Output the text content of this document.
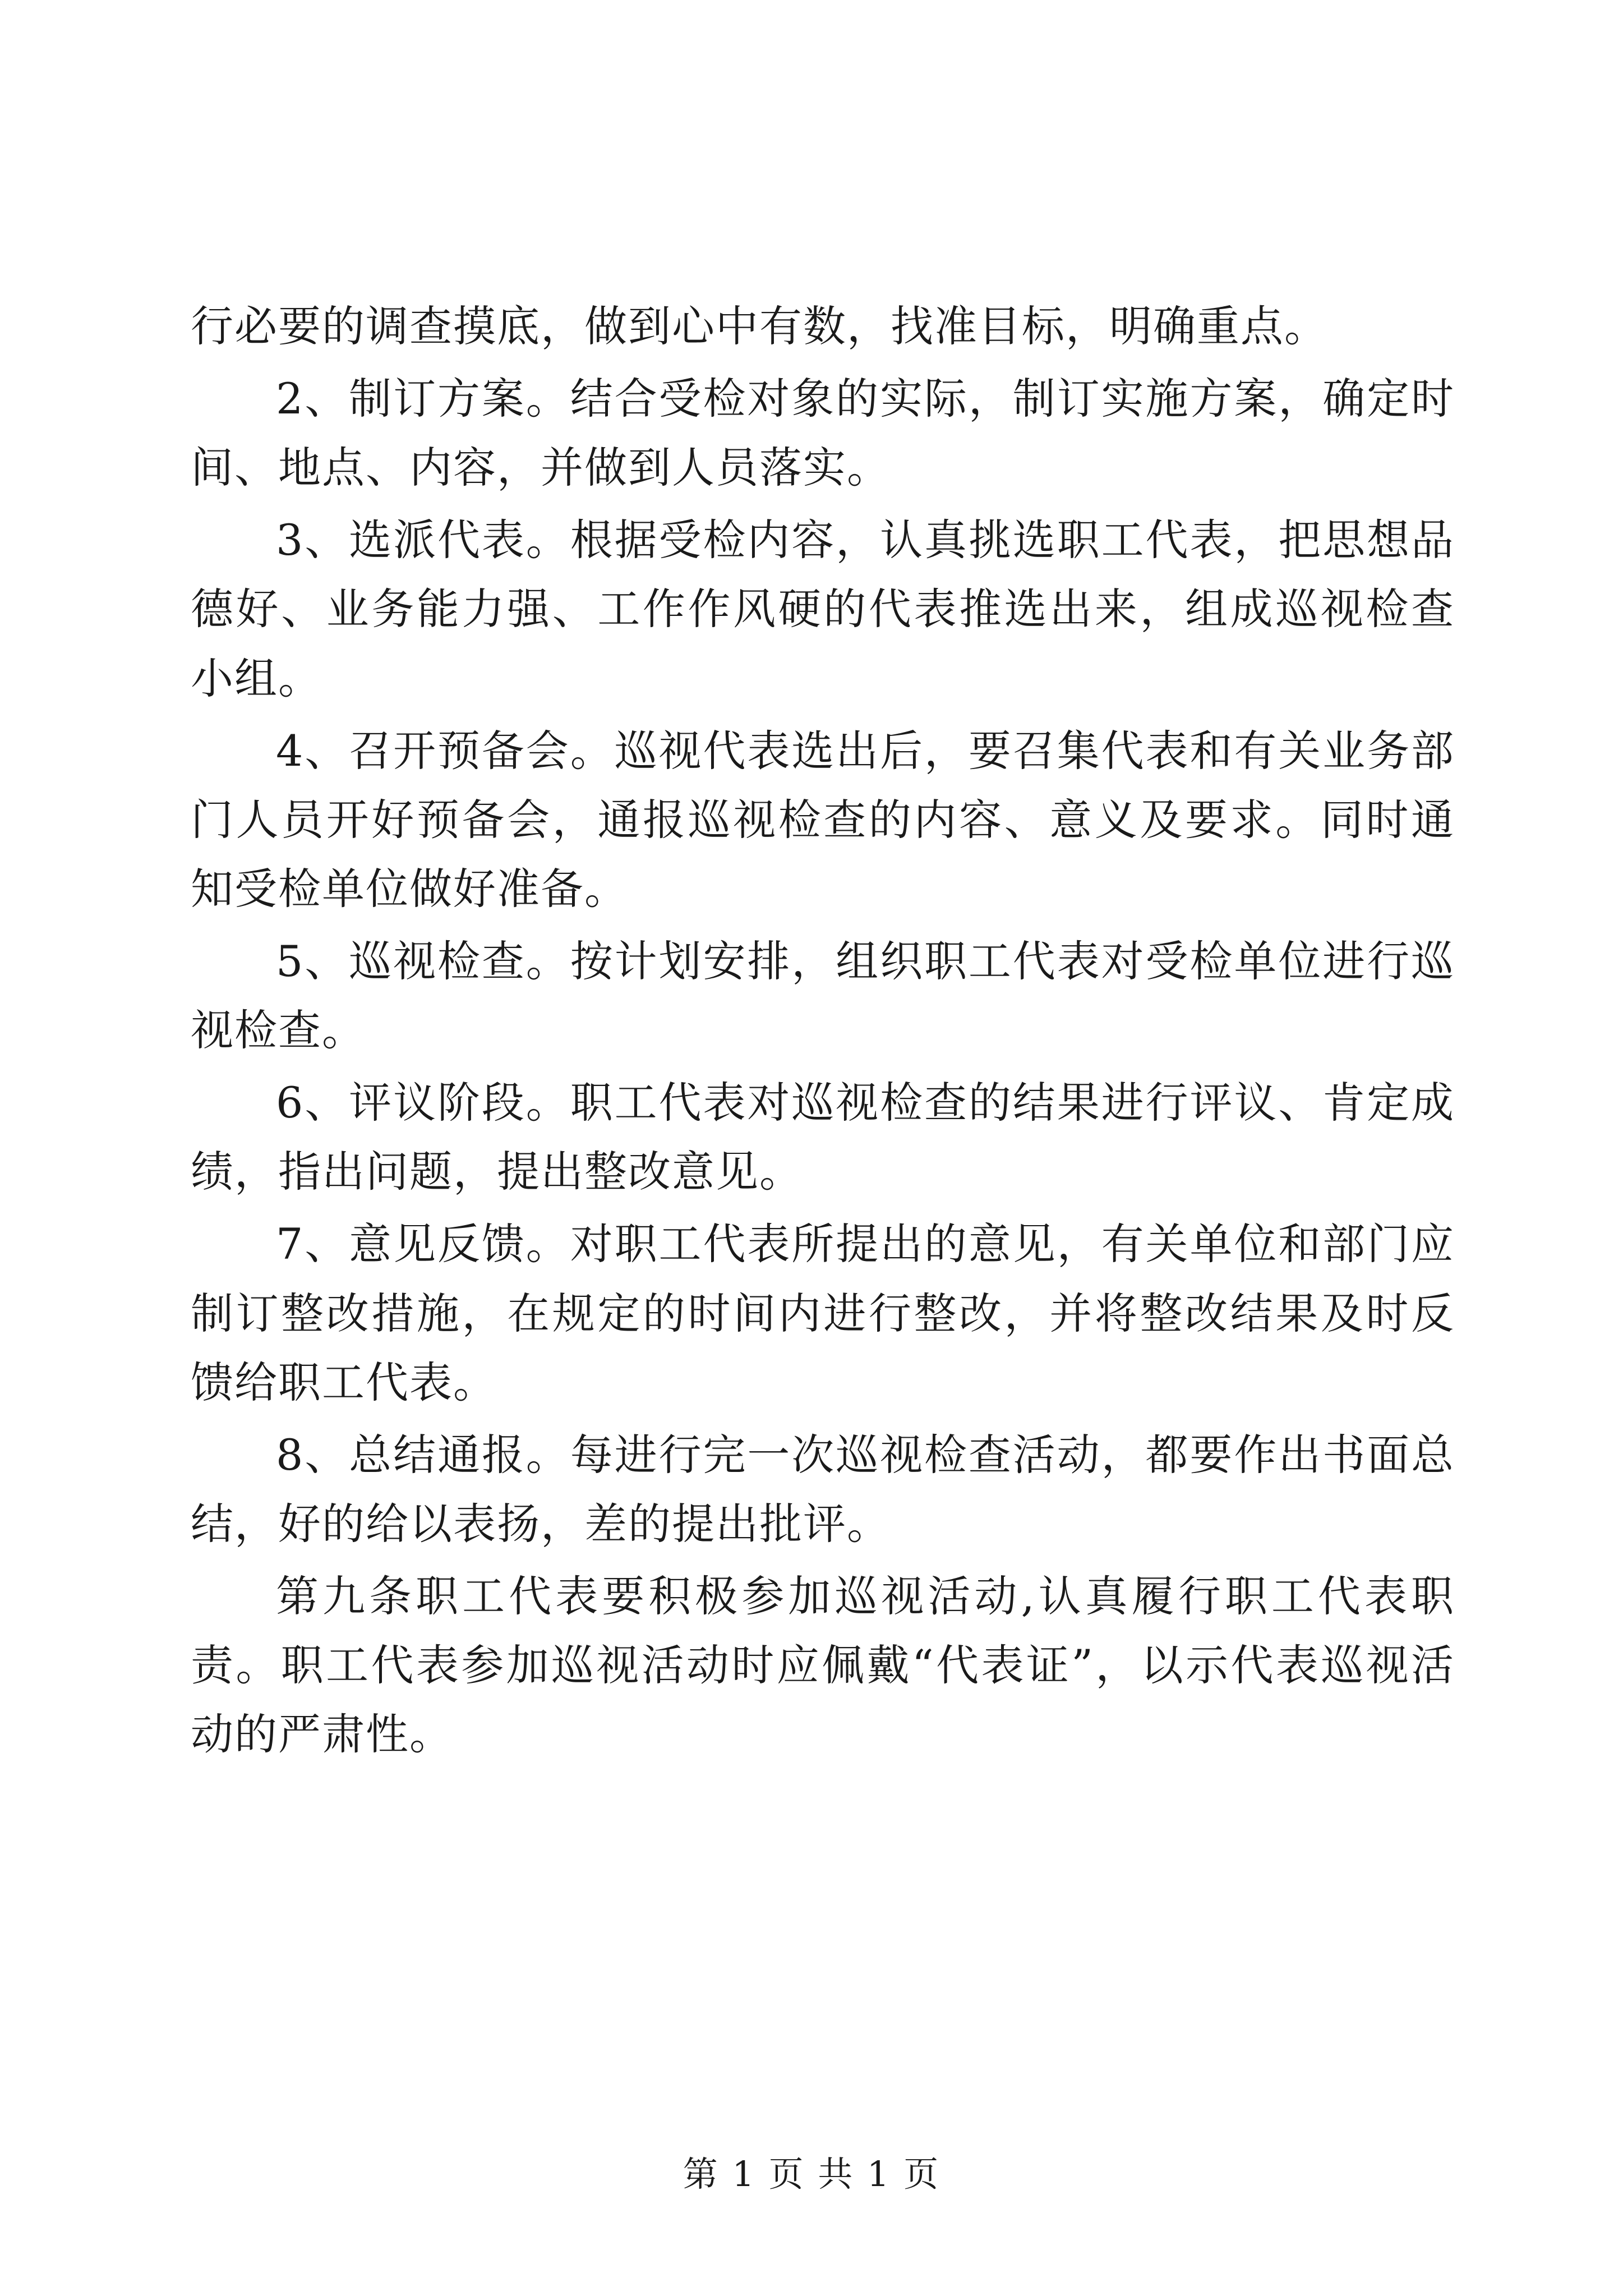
行必要的调查摸底，做到心中有数，找准目标，明确重点。

2、制订方案。结合受检对象的实际，制订实施方案，确定时间、地点、内容，并做到人员落实。

3、选派代表。根据受检内容，认真挑选职工代表，把思想品德好、业务能力强、工作作风硬的代表推选出来，组成巡视检查小组。

4、召开预备会。巡视代表选出后，要召集代表和有关业务部门人员开好预备会，通报巡视检查的内容、意义及要求。同时通知受检单位做好准备。

5、巡视检查。按计划安排，组织职工代表对受检单位进行巡视检查。

6、评议阶段。职工代表对巡视检查的结果进行评议、肯定成绩，指出问题，提出整改意见。

7、意见反馈。对职工代表所提出的意见，有关单位和部门应制订整改措施，在规定的时间内进行整改，并将整改结果及时反馈给职工代表。

8、总结通报。每进行完一次巡视检查活动，都要作出书面总结，好的给以表扬，差的提出批评。

第九条职工代表要积极参加巡视活动,认真履行职工代表职责。职工代表参加巡视活动时应佩戴“代表证”，以示代表巡视活动的严肃性。

第 1 页 共 1 页
